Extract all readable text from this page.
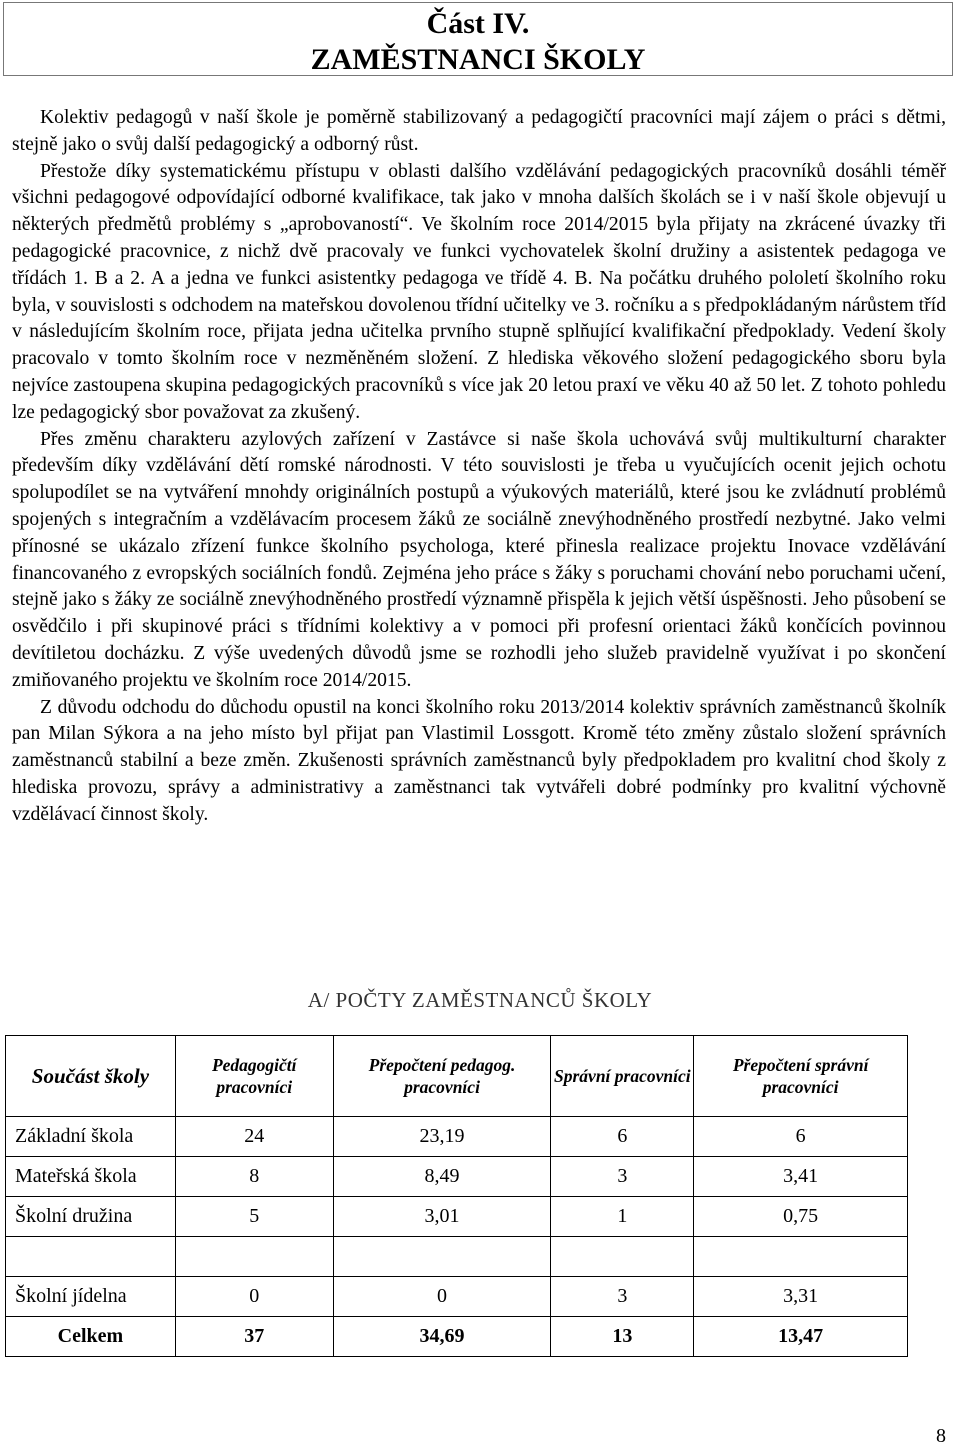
Část IV.
ZAMĚSTNANCI ŠKOLY

Kolektiv pedagogů v naší škole je poměrně stabilizovaný a pedagogičtí pracovníci mají zájem o práci s dětmi, stejně jako o svůj další pedagogický a odborný růst.

Přestože díky systematickému přístupu v oblasti dalšího vzdělávání pedagogických pracovníků dosáhli téměř všichni pedagogové odpovídající odborné kvalifikace, tak jako v mnoha dalších školách se i v naší škole objevují u některých předmětů problémy s „aprobovaností“. Ve školním roce 2014/2015 byla přijaty na zkrácené úvazky tři pedagogické pracovnice, z nichž dvě pracovaly ve funkci vychovatelek školní družiny a asistentek pedagoga ve třídách 1. B a 2. A a jedna ve funkci asistentky pedagoga ve třídě 4. B. Na počátku druhého pololetí školního roku byla, v souvislosti s odchodem na mateřskou dovolenou třídní učitelky ve 3. ročníku a s předpokládaným nárůstem tříd v následujícím školním roce, přijata jedna učitelka prvního stupně splňující kvalifikační předpoklady. Vedení školy pracovalo v tomto školním roce v nezměněném složení. Z hlediska věkového složení pedagogického sboru byla nejvíce zastoupena skupina pedagogických pracovníků s více jak 20 letou praxí ve věku 40 až 50 let. Z tohoto pohledu lze pedagogický sbor považovat za zkušený.

Přes změnu charakteru azylových zařízení v Zastávce si naše škola uchovává svůj multikulturní charakter především díky vzdělávání dětí romské národnosti. V této souvislosti je třeba u vyučujících ocenit jejich ochotu spolupodílet se na vytváření mnohdy originálních postupů a výukových materiálů, které jsou ke zvládnutí problémů spojených s integračním a vzdělávacím procesem žáků ze sociálně znevýhodněného prostředí nezbytné. Jako velmi přínosné se ukázalo zřízení funkce školního psychologa, které přinesla realizace projektu Inovace vzdělávání financovaného z evropských sociálních fondů. Zejména jeho práce s žáky s poruchami chování nebo poruchami učení, stejně jako s žáky ze sociálně znevýhodněného prostředí významně přispěla k jejich větší úspěšnosti. Jeho působení se osvědčilo i při skupinové práci s třídními kolektivy a v pomoci při profesní orientaci žáků končících povinnou devítiletou docházku. Z výše uvedených důvodů jsme se rozhodli jeho služeb pravidelně využívat i po skončení zmiňovaného projektu ve školním roce 2014/2015.

Z důvodu odchodu do důchodu opustil na konci školního roku 2013/2014 kolektiv správních zaměstnanců školník pan Milan Sýkora a na jeho místo byl přijat pan Vlastimil Lossgott. Kromě této změny zůstalo složení správních zaměstnanců stabilní a beze změn. Zkušenosti správních zaměstnanců byly předpokladem pro kvalitní chod školy z hlediska provozu, správy a administrativy a zaměstnanci tak vytvářeli dobré podmínky pro kvalitní výchovně vzdělávací činnost školy.

A/ POČTY ZAMĚSTNANCŮ ŠKOLY
Součást školy	Pedagogičtí pracovníci	Přepočtení pedagog. pracovníci	Správní pracovníci	Přepočtení správní pracovníci
Základní škola	24	23,19	6	6
Mateřská škola	8	8,49	3	3,41
Školní družina	5	3,01	1	0,75

Školní jídelna	0	0	3	3,31
Celkem	37	34,69	13	13,47
8
